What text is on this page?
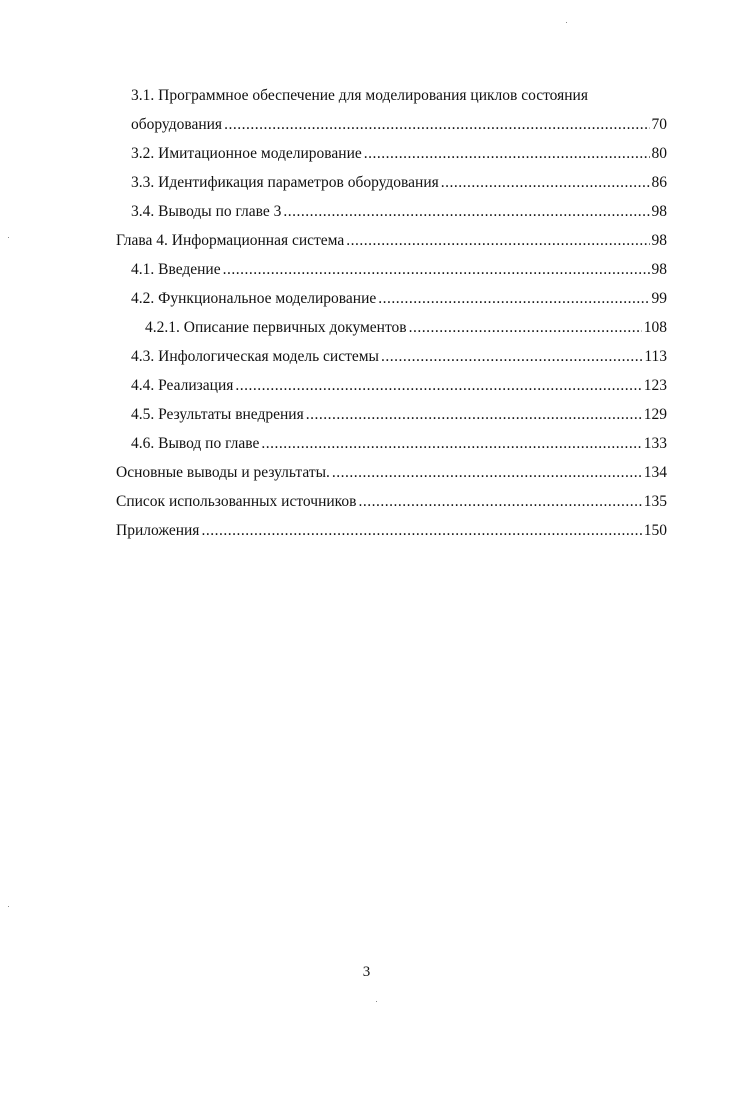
3.1. Программное обеспечение для моделирования циклов состояния
оборудования .....	70
3.2. Имитационное моделирование .....	80
3.3. Идентификация параметров оборудования .....	86
3.4. Выводы по главе 3 .....	98
Глава 4. Информационная система .....	98
4.1. Введение .....	98
4.2. Функциональное моделирование .....	99
4.2.1. Описание первичных документов .....	108
4.3. Инфологическая модель системы .....	113
4.4. Реализация .....	123
4.5. Результаты внедрения .....	129
4.6. Вывод по главе .....	133
Основные выводы и результаты. .....	134
Список использованных источников .....	135
Приложения .....	150
3
